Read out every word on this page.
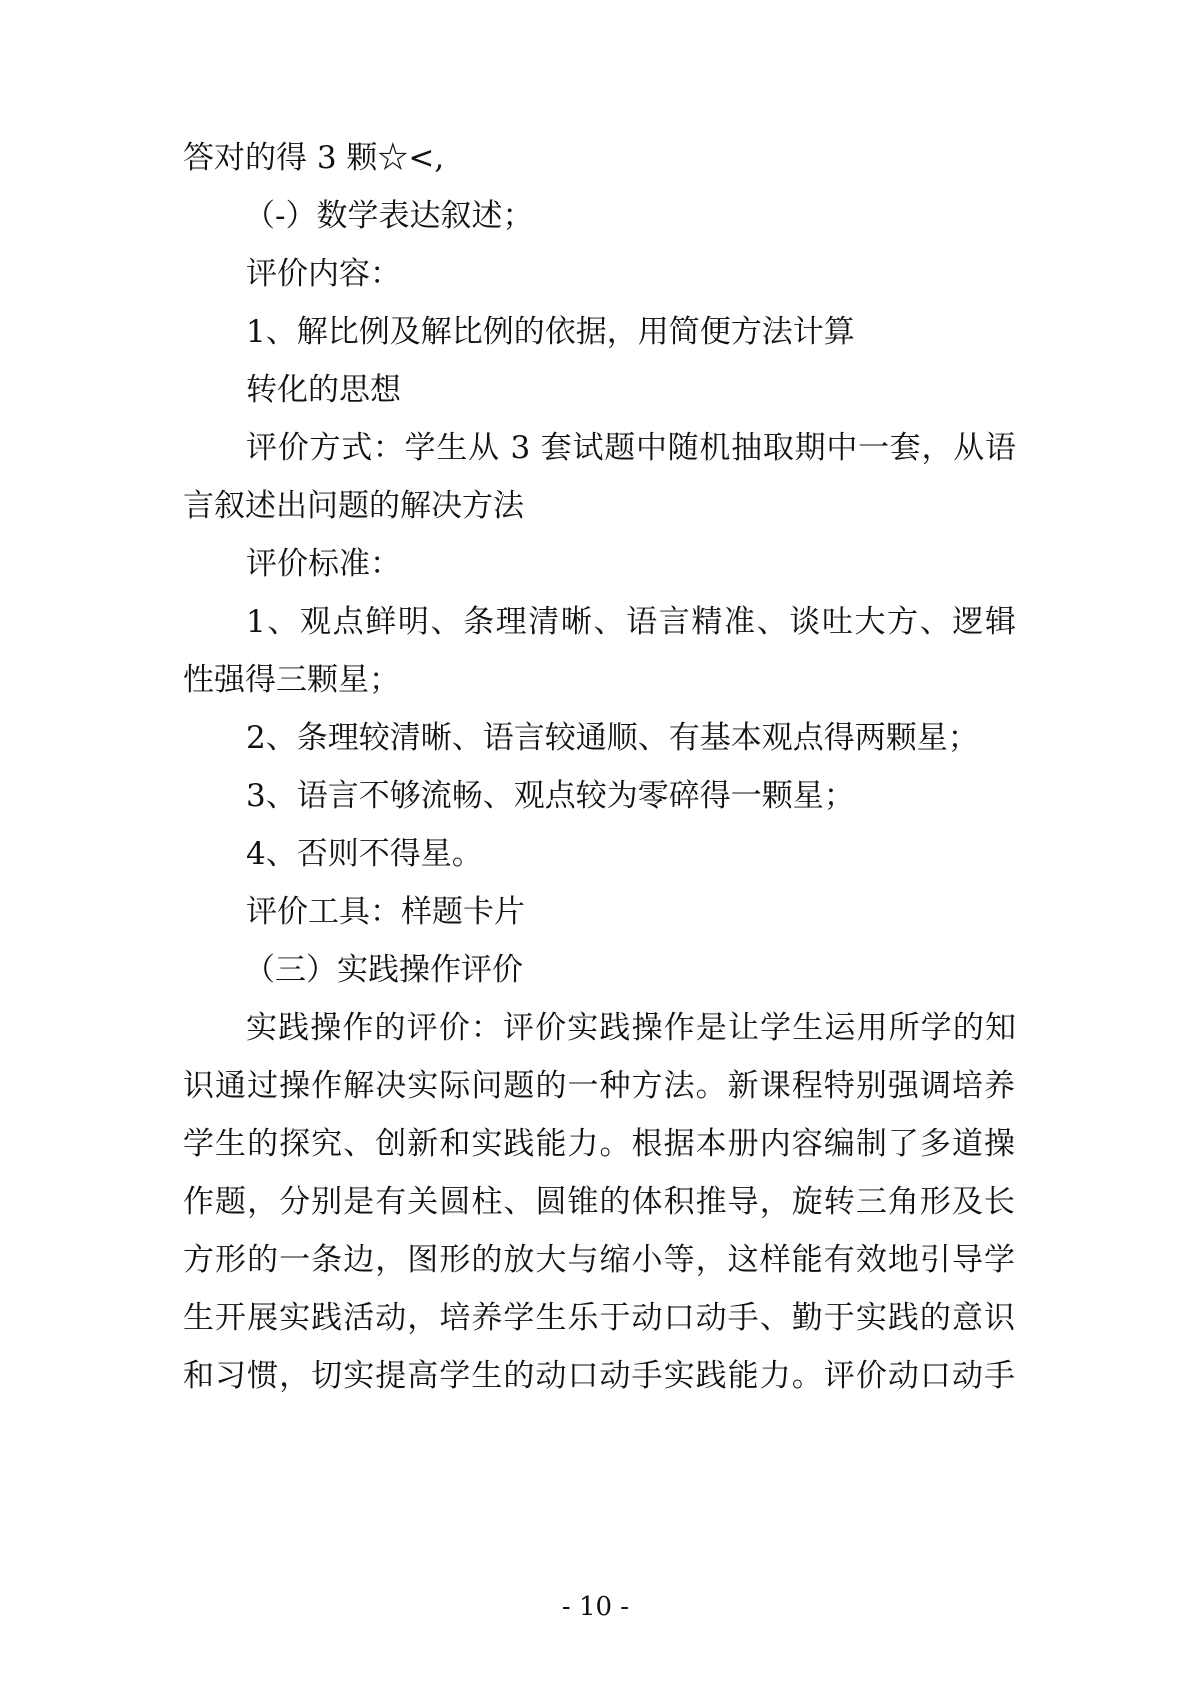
答对的得 3 颗☆<,
（-）数学表达叙述；
评价内容：
1、解比例及解比例的依据，用简便方法计算
转化的思想
评价方式：学生从 3 套试题中随机抽取期中一套，从语
言叙述出问题的解决方法
评价标准：
1、观点鲜明、条理清晰、语言精准、谈吐大方、逻辑
性强得三颗星；
2、条理较清晰、语言较通顺、有基本观点得两颗星；
3、语言不够流畅、观点较为零碎得一颗星；
4、否则不得星。
评价工具：样题卡片
（三）实践操作评价
实践操作的评价：评价实践操作是让学生运用所学的知
识通过操作解决实际问题的一种方法。新课程特别强调培养
学生的探究、创新和实践能力。根据本册内容编制了多道操
作题，分别是有关圆柱、圆锥的体积推导，旋转三角形及长
方形的一条边，图形的放大与缩小等，这样能有效地引导学
生开展实践活动，培养学生乐于动口动手、勤于实践的意识
和习惯，切实提高学生的动口动手实践能力。评价动口动手
- 10 -
